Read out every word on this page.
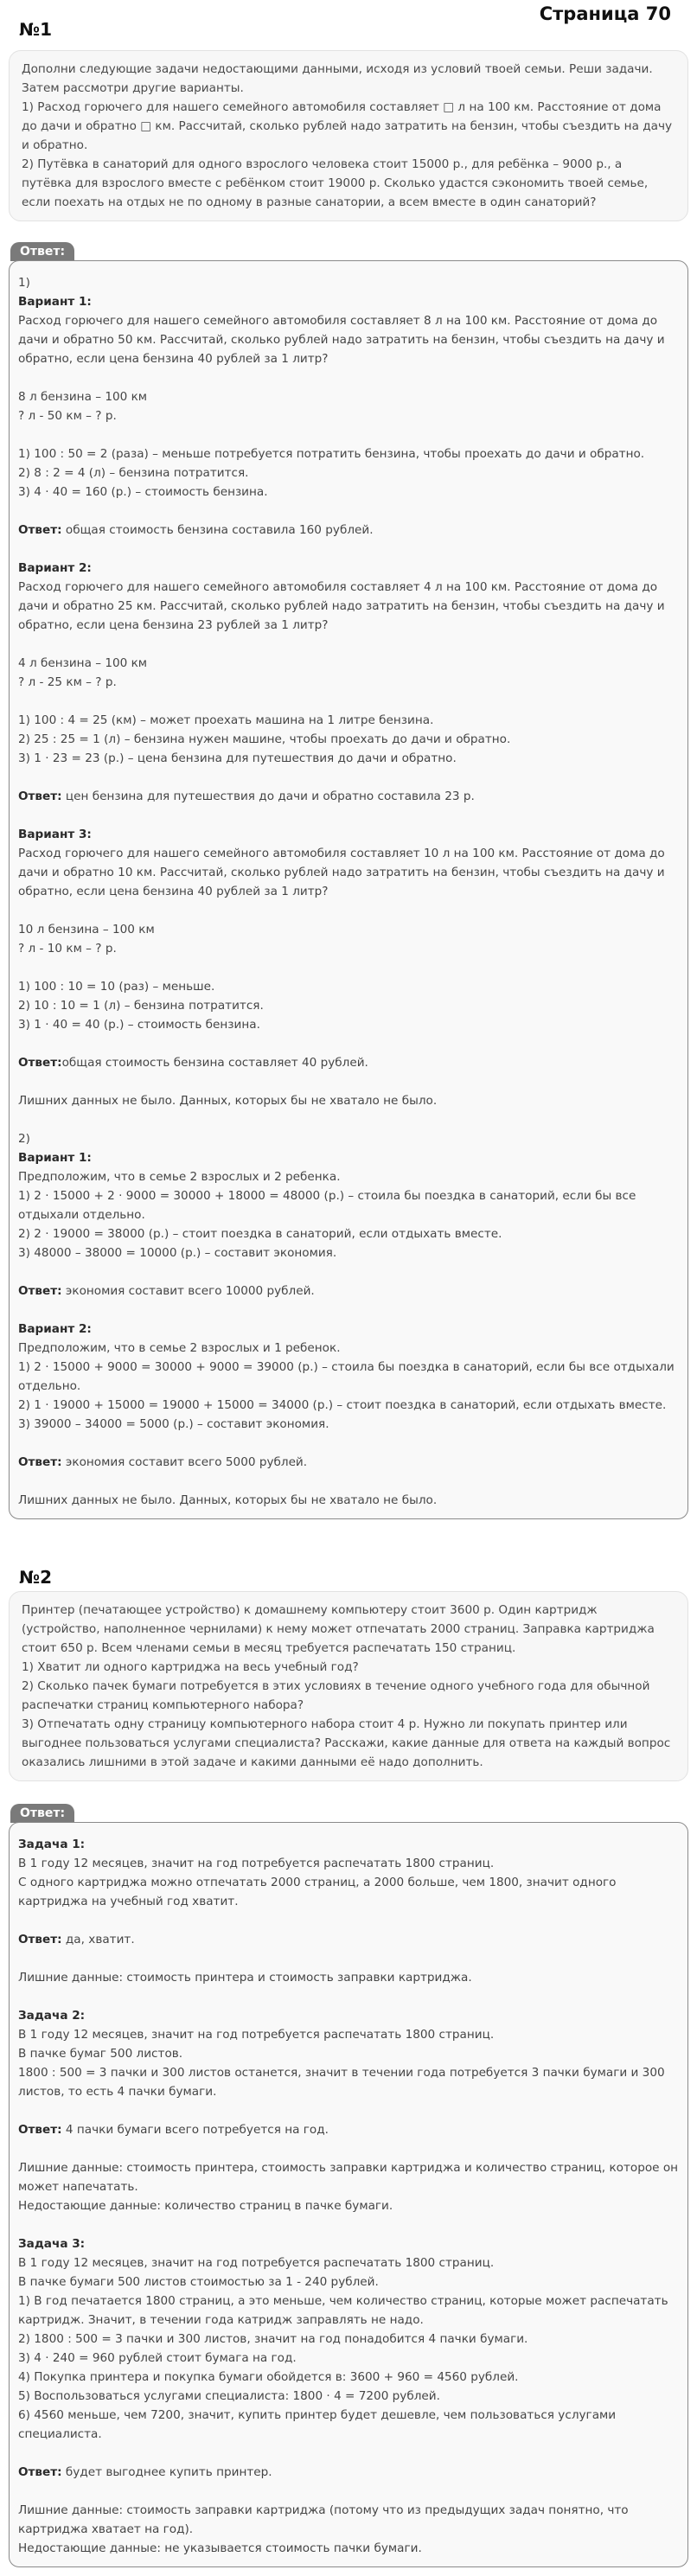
Страница 70
№1

Дополни следующие задачи недостающими данными, исходя из условий твоей семьи. Реши задачи. Затем рассмотри другие варианты.

1) Расход горючего для нашего семейного автомобиля составляет □ л на 100 км. Расстояние от дома до дачи и обратно □ км. Рассчитай, сколько рублей надо затратить на бензин, чтобы съездить на дачу и обратно.

2) Путёвка в санаторий для одного взрослого человека стоит 15000 р., для ребёнка – 9000 р., а путёвка для взрослого вместе с ребёнком стоит 19000 р. Сколько удастся сэкономить твоей семье, если поехать на отдых не по одному в разные санатории, а всем вместе в один санаторий?

Ответ:
1)
Вариант 1:
Расход горючего для нашего семейного автомобиля составляет 8 л на 100 км. Расстояние от дома до дачи и обратно 50 км. Рассчитай, сколько рублей надо затратить на бензин, чтобы съездить на дачу и обратно, если цена бензина 40 рублей за 1 литр?
8 л бензина – 100 км
? л - 50 км – ? р.
1) 100 : 50 = 2 (раза) – меньше потребуется потратить бензина, чтобы проехать до дачи и обратно.
2) 8 : 2 = 4 (л) – бензина потратится.
3) 4 · 40 = 160 (р.) – стоимость бензина.
Ответ: общая стоимость бензина составила 160 рублей.
Вариант 2:
Расход горючего для нашего семейного автомобиля составляет 4 л на 100 км. Расстояние от дома до дачи и обратно 25 км. Рассчитай, сколько рублей надо затратить на бензин, чтобы съездить на дачу и обратно, если цена бензина 23 рублей за 1 литр?
4 л бензина – 100 км
? л - 25 км – ? р.
1) 100 : 4 = 25 (км) – может проехать машина на 1 литре бензина.
2) 25 : 25 = 1 (л) – бензина нужен машине, чтобы проехать до дачи и обратно.
3) 1 · 23 = 23 (р.) – цена бензина для путешествия до дачи и обратно.
Ответ: цен бензина для путешествия до дачи и обратно составила 23 р.
Вариант 3:
Расход горючего для нашего семейного автомобиля составляет 10 л на 100 км. Расстояние от дома до дачи и обратно 10 км. Рассчитай, сколько рублей надо затратить на бензин, чтобы съездить на дачу и обратно, если цена бензина 40 рублей за 1 литр?
10 л бензина – 100 км
? л - 10 км – ? р.
1) 100 : 10 = 10 (раз) – меньше.
2) 10 : 10 = 1 (л) – бензина потратится.
3) 1 · 40 = 40 (р.) – стоимость бензина.
Ответ:общая стоимость бензина составляет 40 рублей.
Лишних данных не было. Данных, которых бы не хватало не было.
2)
Вариант 1:
Предположим, что в семье 2 взрослых и 2 ребенка.
1) 2 · 15000 + 2 · 9000 = 30000 + 18000 = 48000 (р.) – стоила бы поездка в санаторий, если бы все отдыхали отдельно.
2) 2 · 19000 = 38000 (р.) – стоит поездка в санаторий, если отдыхать вместе.
3) 48000 – 38000 = 10000 (р.) – составит экономия.
Ответ: экономия составит всего 10000 рублей.
Вариант 2:
Предположим, что в семье 2 взрослых и 1 ребенок.
1) 2 · 15000 + 9000 = 30000 + 9000 = 39000 (р.) – стоила бы поездка в санаторий, если бы все отдыхали отдельно.
2) 1 · 19000 + 15000 = 19000 + 15000 = 34000 (р.) – стоит поездка в санаторий, если отдыхать вместе.
3) 39000 – 34000 = 5000 (р.) – составит экономия.
Ответ: экономия составит всего 5000 рублей.
Лишних данных не было. Данных, которых бы не хватало не было.
№2

Принтер (печатающее устройство) к домашнему компьютеру стоит 3600 р. Один картридж (устройство, наполненное чернилами) к нему может отпечатать 2000 страниц. Заправка картриджа стоит 650 р. Всем членами семьи в месяц требуется распечатать 150 страниц.

1) Хватит ли одного картриджа на весь учебный год?

2) Сколько пачек бумаги потребуется в этих условиях в течение одного учебного года для обычной распечатки страниц компьютерного набора?

3) Отпечатать одну страницу компьютерного набора стоит 4 р. Нужно ли покупать принтер или выгоднее пользоваться услугами специалиста? Расскажи, какие данные для ответа на каждый вопрос оказались лишними в этой задаче и какими данными её надо дополнить.

Ответ:
Задача 1:
В 1 году 12 месяцев, значит на год потребуется распечатать 1800 страниц.
С одного картриджа можно отпечатать 2000 страниц, а 2000 больше, чем 1800, значит одного картриджа на учебный год хватит.
Ответ: да, хватит.
Лишние данные: стоимость принтера и стоимость заправки картриджа.
Задача 2:
В 1 году 12 месяцев, значит на год потребуется распечатать 1800 страниц.
В пачке бумаг 500 листов.
1800 : 500 = 3 пачки и 300 листов останется, значит в течении года потребуется 3 пачки бумаги и 300 листов, то есть 4 пачки бумаги.
Ответ: 4 пачки бумаги всего потребуется на год.
Лишние данные: стоимость принтера, стоимость заправки картриджа и количество страниц, которое он может напечатать.
Недостающие данные: количество страниц в пачке бумаги.
Задача 3:
В 1 году 12 месяцев, значит на год потребуется распечатать 1800 страниц.
В пачке бумаги 500 листов стоимостью за 1 - 240 рублей.
1) В год печатается 1800 страниц, а это меньше, чем количество страниц, которые может распечатать картридж. Значит, в течении года катридж заправлять не надо.
2) 1800 : 500 = 3 пачки и 300 листов, значит на год понадобится 4 пачки бумаги.
3) 4 · 240 = 960 рублей стоит бумага на год.
4) Покупка принтера и покупка бумаги обойдется в: 3600 + 960 = 4560 рублей.
5) Воспользоваться услугами специалиста: 1800 · 4 = 7200 рублей.
6) 4560 меньше, чем 7200, значит, купить принтер будет дешевле, чем пользоваться услугами специалиста.
Ответ: будет выгоднее купить принтер.
Лишние данные: стоимость заправки картриджа (потому что из предыдущих задач понятно, что картриджа хватает на год).
Недостающие данные: не указывается стоимость пачки бумаги.
